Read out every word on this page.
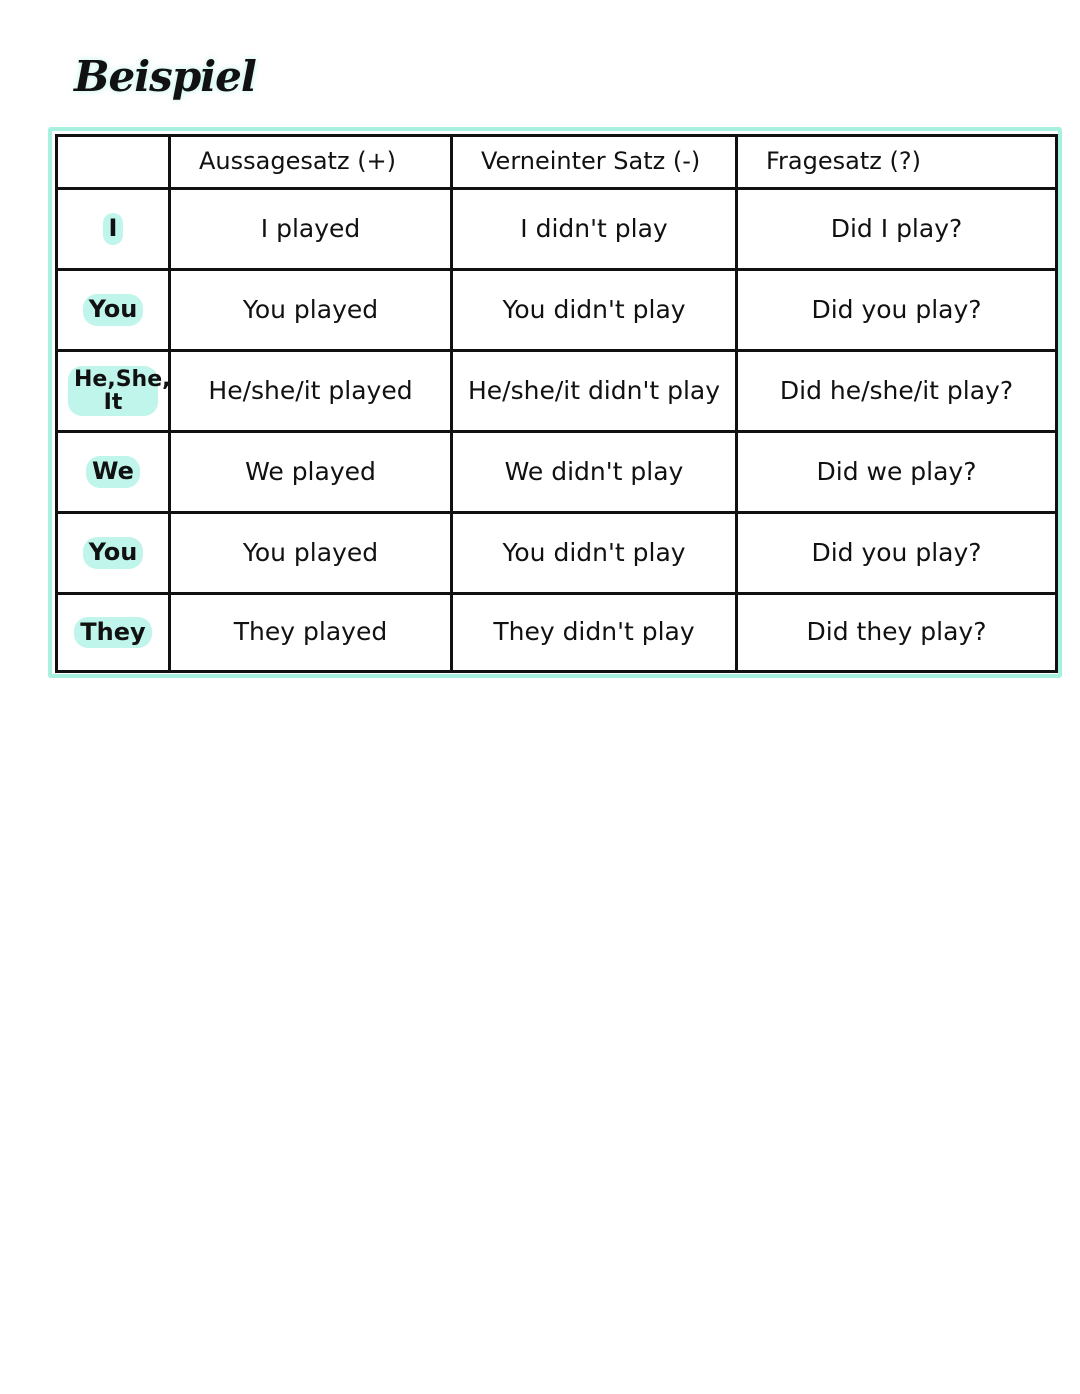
Beispiel
	Aussagesatz (+)	Verneinter Satz (-)	Fragesatz (?)
I	I played	I didn't play	Did I play?
You	You played	You didn't play	Did you play?
He,She, It	He/she/it played	He/she/it didn't play	Did he/she/it play?
We	We played	We didn't play	Did we play?
You	You played	You didn't play	Did you play?
They	They played	They didn't play	Did they play?
